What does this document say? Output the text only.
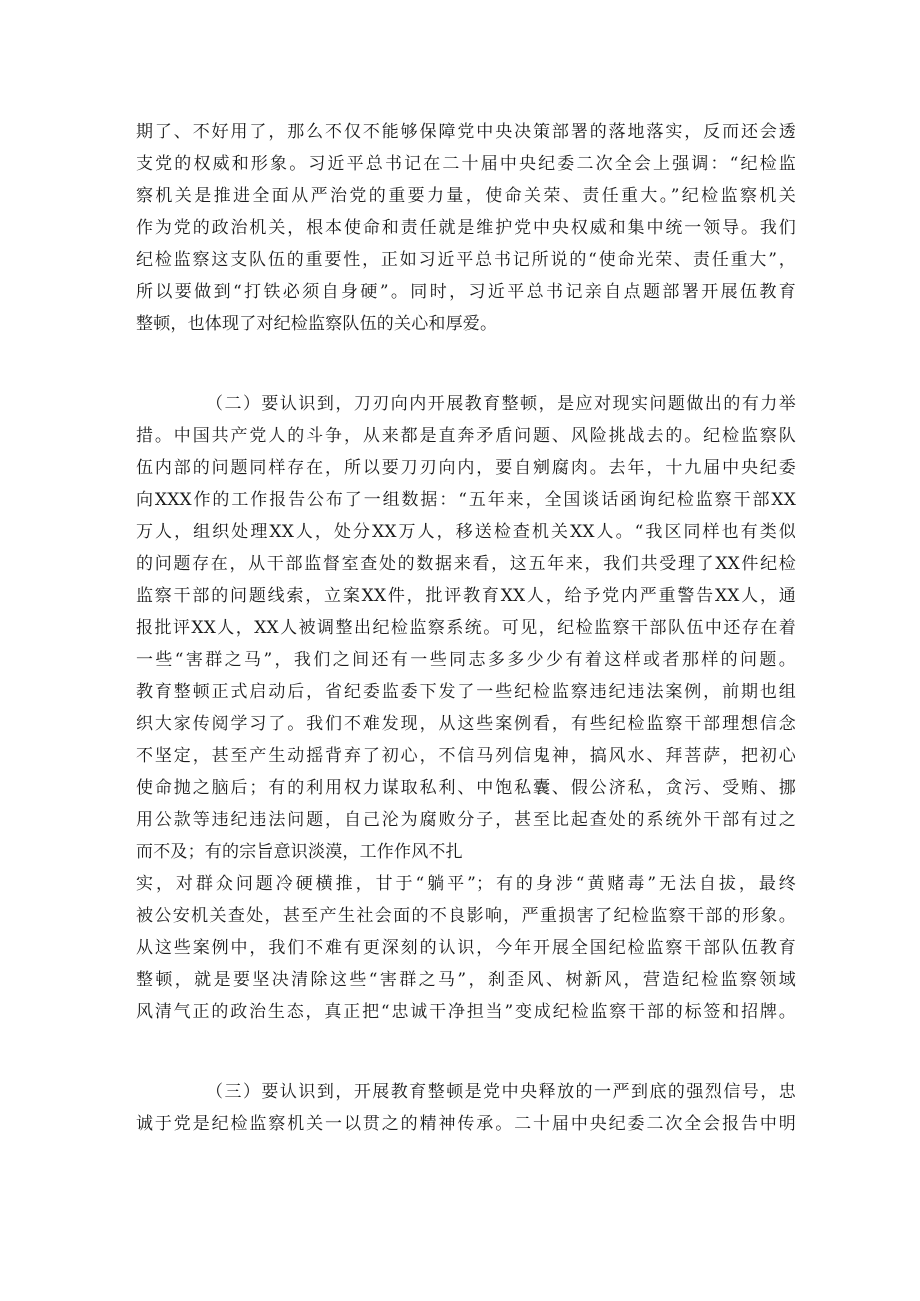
期了、不好用了，那么不仅不能够保障党中央决策部署的落地落实，反而还会透

支党的权威和形象。习近平总书记在二十届中央纪委二次全会上强调：“纪检监

察机关是推进全面从严治党的重要力量，使命关荣、责任重大。”纪检监察机关

作为党的政治机关，根本使命和责任就是维护党中央权威和集中统一领导。我们

纪检监察这支队伍的重要性，正如习近平总书记所说的“使命光荣、责任重大”，

所以要做到“打铁必须自身硬”。同时，习近平总书记亲自点题部署开展伍教育

整顿，也体现了对纪检监察队伍的关心和厚爱。

（二）要认识到，刀刃向内开展教育整顿，是应对现实问题做出的有力举

措。中国共产党人的斗争，从来都是直奔矛盾问题、风险挑战去的。纪检监察队

伍内部的问题同样存在，所以要刀刃向内，要自剜腐肉。去年，十九届中央纪委

向XXX作的工作报告公布了一组数据：“五年来，全国谈话函询纪检监察干部XX

万人，组织处理XX人，处分XX万人，移送检查机关XX人。“我区同样也有类似

的问题存在，从干部监督室查处的数据来看，这五年来，我们共受理了XX件纪检

监察干部的问题线索，立案XX件，批评教育XX人，给予党内严重警告XX人，通

报批评XX人，XX人被调整出纪检监察系统。可见，纪检监察干部队伍中还存在着

一些“害群之马”，我们之间还有一些同志多多少少有着这样或者那样的问题。

教育整顿正式启动后，省纪委监委下发了一些纪检监察违纪违法案例，前期也组

织大家传阅学习了。我们不难发现，从这些案例看，有些纪检监察干部理想信念

不坚定，甚至产生动摇背弃了初心，不信马列信鬼神，搞风水、拜菩萨，把初心

使命抛之脑后；有的利用权力谋取私利、中饱私囊、假公济私，贪污、受贿、挪

用公款等违纪违法问题，自己沦为腐败分子，甚至比起查处的系统外干部有过之

而不及；有的宗旨意识淡漠，工作作风不扎

实，对群众问题冷硬横推，甘于“躺平”；有的身涉“黄赌毒”无法自拔，最终

被公安机关查处，甚至产生社会面的不良影响，严重损害了纪检监察干部的形象。

从这些案例中，我们不难有更深刻的认识，今年开展全国纪检监察干部队伍教育

整顿，就是要坚决清除这些“害群之马”，刹歪风、树新风，营造纪检监察领域

风清气正的政治生态，真正把“忠诚干净担当”变成纪检监察干部的标签和招牌。

（三）要认识到，开展教育整顿是党中央释放的一严到底的强烈信号，忠

诚于党是纪检监察机关一以贯之的精神传承。二十届中央纪委二次全会报告中明
